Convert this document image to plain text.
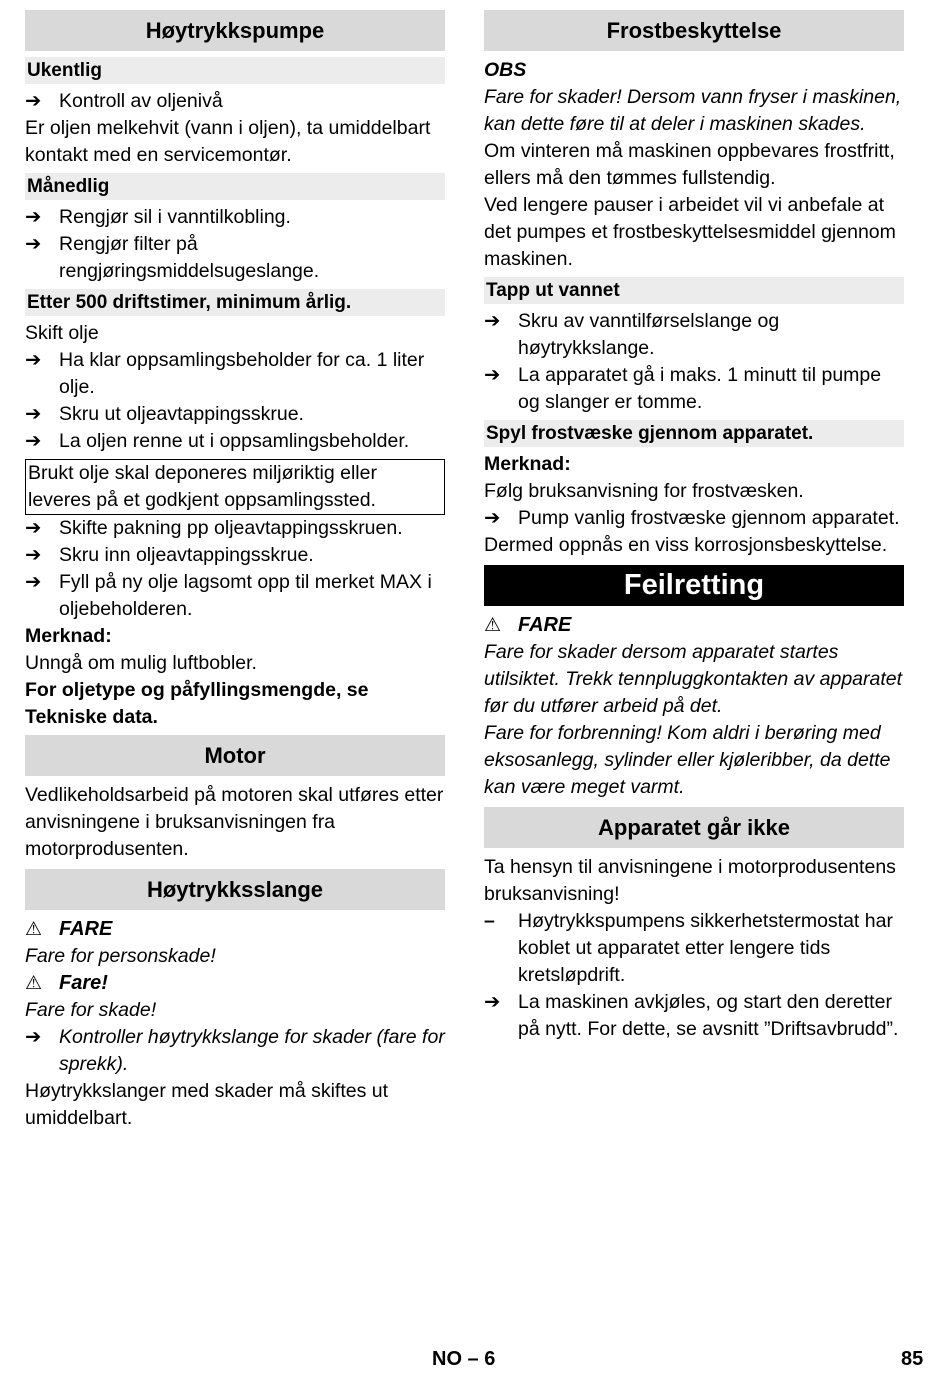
Høytrykkspumpe
Ukentlig
➔ Kontroll av oljenivå

Er oljen melkehvit (vann i oljen), ta umiddelbart kontakt med en servicemontør.

Månedlig
➔ Rengjør sil i vanntilkobling.
➔ Rengjør filter på rengjøringsmiddelsugeslange.
Etter 500 driftstimer, minimum årlig.

Skift olje

➔ Ha klar oppsamlingsbeholder for ca. 1 liter olje.
➔ Skru ut oljeavtappingsskrue.
➔ La oljen renne ut i oppsamlingsbeholder.
Brukt olje skal deponeres miljøriktig eller leveres på et godkjent oppsamlingssted.
➔ Skifte pakning pp oljeavtappingsskruen.
➔ Skru inn oljeavtappingsskrue.
➔ Fyll på ny olje lagsomt opp til merket MAX i oljebeholderen.

Merknad:

Unngå om mulig luftbobler.

For oljetype og påfyllingsmengde, se Tekniske data.

Motor

Vedlikeholdsarbeid på motoren skal utføres etter anvisningene i bruksanvisningen fra motorprodusenten.

Høytrykksslange
⚠ FARE

Fare for personskade!

⚠ Fare!

Fare for skade!

➔ Kontroller høytrykkslange for skader (fare for sprekk).

Høytrykkslanger med skader må skiftes ut umiddelbart.

Frostbeskyttelse

OBS

Fare for skader! Dersom vann fryser i maskinen, kan dette føre til at deler i maskinen skades.

Om vinteren må maskinen oppbevares frostfritt, ellers må den tømmes fullstendig.

Ved lengere pauser i arbeidet vil vi anbefale at det pumpes et frostbeskyttelsesmiddel gjennom maskinen.

Tapp ut vannet
➔ Skru av vanntilførselslange og høytrykkslange.
➔ La apparatet gå i maks. 1 minutt til pumpe og slanger er tomme.
Spyl frostvæske gjennom apparatet.

Merknad:

Følg bruksanvisning for frostvæsken.

➔ Pump vanlig frostvæske gjennom apparatet.

Dermed oppnås en viss korrosjonsbeskyttelse.

Feilretting
⚠ FARE

Fare for skader dersom apparatet startes utilsiktet. Trekk tennpluggkontakten av apparatet før du utfører arbeid på det.

Fare for forbrenning! Kom aldri i berøring med eksosanlegg, sylinder eller kjøleribber, da dette kan være meget varmt.

Apparatet går ikke

Ta hensyn til anvisningene i motorprodusentens bruksanvisning!

–	Høytrykkspumpens sikkerhetstermostat har koblet ut apparatet etter lengere tids kretsløpdrift.
➔ La maskinen avkjøles, og start den deretter på nytt. For dette, se avsnitt ”Driftsavbrudd”.
NO – 6	85
